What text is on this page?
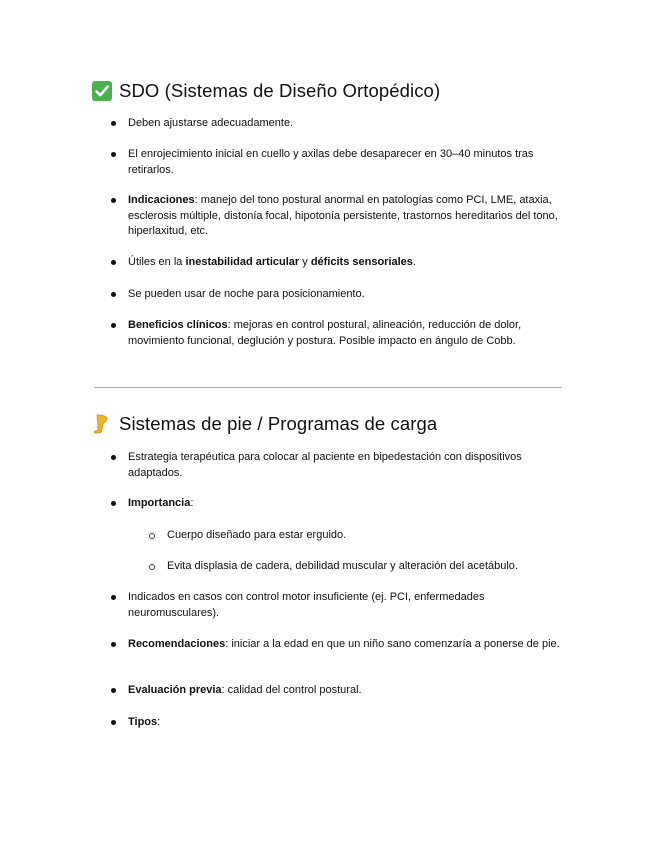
SDO (Sistemas de Diseño Ortopédico)
Deben ajustarse adecuadamente.
El enrojecimiento inicial en cuello y axilas debe desaparecer en 30–40 minutos tras retirarlos.
Indicaciones: manejo del tono postural anormal en patologías como PCI, LME, ataxia, esclerosis múltiple, distonía focal, hipotonía persistente, trastornos hereditarios del tono, hiperlaxitud, etc.
Útiles en la inestabilidad articular y déficits sensoriales.
Se pueden usar de noche para posicionamiento.
Beneficios clínicos: mejoras en control postural, alineación, reducción de dolor, movimiento funcional, deglución y postura. Posible impacto en ángulo de Cobb.
Sistemas de pie / Programas de carga
Estrategia terapéutica para colocar al paciente en bipedestación con dispositivos adaptados.
Importancia:
Cuerpo diseñado para estar erguido.
Evita displasia de cadera, debilidad muscular y alteración del acetábulo.
Indicados en casos con control motor insuficiente (ej. PCI, enfermedades neuromusculares).
Recomendaciones: iniciar a la edad en que un niño sano comenzaría a ponerse de pie.
Evaluación previa: calidad del control postural.
Tipos:
